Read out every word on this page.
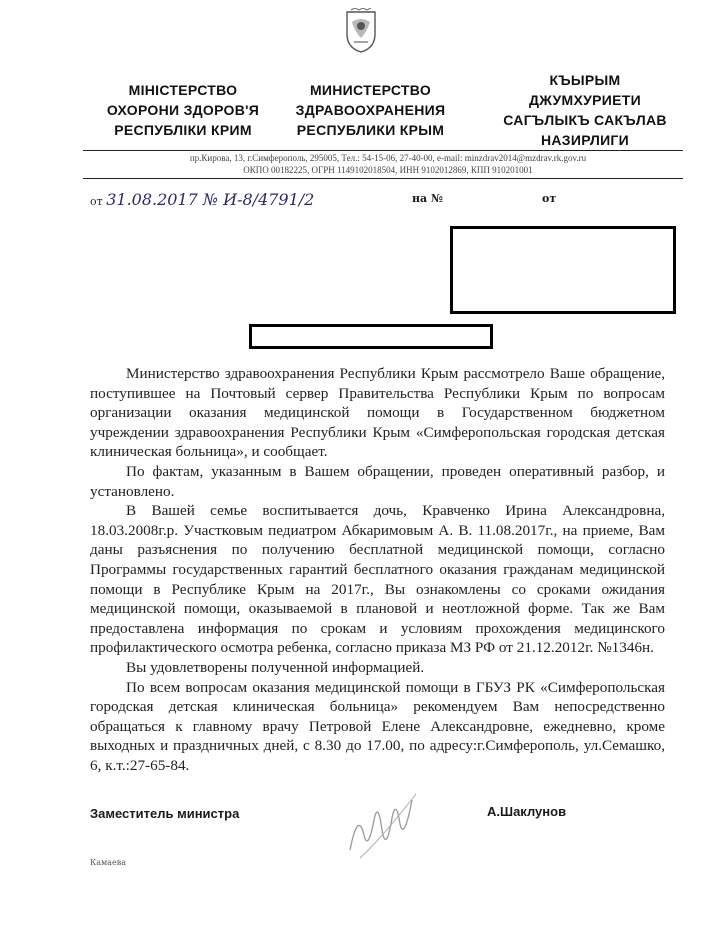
МІНІСТЕРСТВО
ОХОРОНИ ЗДОРОВ'Я
РЕСПУБЛІКИ КРИМ
МИНИСТЕРСТВО
ЗДРАВООХРАНЕНИЯ
РЕСПУБЛИКИ КРЫМ
КЪЫРЫМ
ДЖУМХУРИЕТИ
САГЪЛЫКЪ САКЪЛАВ
НАЗИРЛИГИ
пр.Кирова, 13, г.Симферополь, 295005, Тел.: 54-15-06, 27-40-00, e-mail: minzdrav2014@mzdrav.rk.gov.ru
ОКПО 00182225, ОГРН 1149102018504, ИНН 9102012869, КПП 910201001
от 31.08.2017 № И-8/4791/2	на №	от

Министерство здравоохранения Республики Крым рассмотрело Ваше обращение, поступившее на Почтовый сервер Правительства Республики Крым по вопросам организации оказания медицинской помощи в Государственном бюджетном учреждении здравоохранения Республики Крым «Симферопольская городская детская клиническая больница», и сообщает.

По фактам, указанным в Вашем обращении, проведен оперативный разбор, и установлено.

В Вашей семье воспитывается дочь, Кравченко Ирина Александровна, 18.03.2008г.р. Участковым педиатром Абкаримовым А. В. 11.08.2017г., на приеме, Вам даны разъяснения по получению бесплатной медицинской помощи, согласно Программы государственных гарантий бесплатного оказания гражданам медицинской помощи в Республике Крым на 2017г., Вы ознакомлены со сроками ожидания медицинской помощи, оказываемой в плановой и неотложной форме. Так же Вам предоставлена информация по срокам и условиям прохождения медицинского профилактического осмотра ребенка, согласно приказа МЗ РФ от 21.12.2012г. №1346н.

Вы удовлетворены полученной информацией.

По всем вопросам оказания медицинской помощи в ГБУЗ РК «Симферопольская городская детская клиническая больница» рекомендуем Вам непосредственно обращаться к главному врачу Петровой Елене Александровне, ежедневно, кроме выходных и праздничных дней, с 8.30 до 17.00, по адресу:г.Симферополь, ул.Семашко, 6, к.т.:27-65-84.

Заместитель министра	А.Шаклунов
Камаева
